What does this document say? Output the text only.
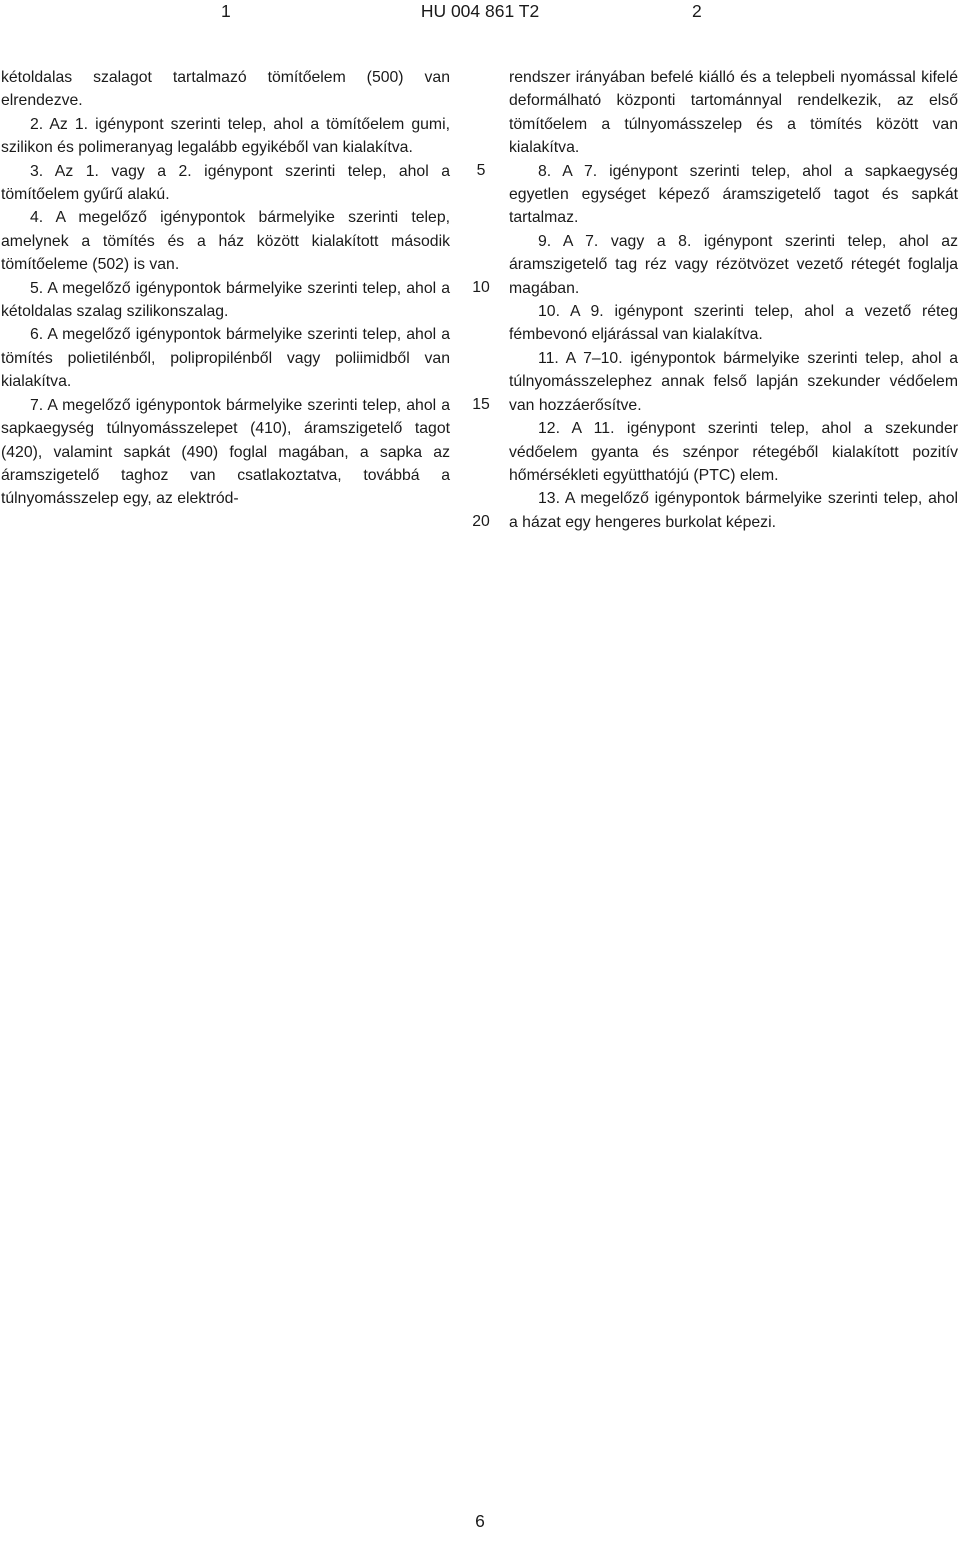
1	HU 004 861 T2	2

kétoldalas szalagot tartalmazó tömítőelem (500) van elrendezve.

2. Az 1. igénypont szerinti telep, ahol a tömítőelem gumi, szilikon és polimeranyag legalább egyikéből van kialakítva.

3. Az 1. vagy a 2. igénypont szerinti telep, ahol a tömítőelem gyűrű alakú.

4. A megelőző igénypontok bármelyike szerinti telep, amelynek a tömítés és a ház között kialakított második tömítőeleme (502) is van.

5. A megelőző igénypontok bármelyike szerinti telep, ahol a kétoldalas szalag szilikonszalag.

6. A megelőző igénypontok bármelyike szerinti telep, ahol a tömítés polietilénből, polipropilénből vagy poliimidből van kialakítva.

7. A megelőző igénypontok bármelyike szerinti telep, ahol a sapkaegység túlnyomásszelepet (410), áramszigetelő tagot (420), valamint sapkát (490) foglal magában, a sapka az áramszigetelő taghoz van csatlakoztatva, továbbá a túlnyomásszelep egy, az elektród-

5
10
15
20

rendszer irányában befelé kiálló és a telepbeli nyomással kifelé deformálható központi tartománnyal rendelkezik, az első tömítőelem a túlnyomásszelep és a tömítés között van kialakítva.

8. A 7. igénypont szerinti telep, ahol a sapkaegység egyetlen egységet képező áramszigetelő tagot és sapkát tartalmaz.

9. A 7. vagy a 8. igénypont szerinti telep, ahol az áramszigetelő tag réz vagy rézötvözet vezető rétegét foglalja magában.

10. A 9. igénypont szerinti telep, ahol a vezető réteg fémbevonó eljárással van kialakítva.

11. A 7–10. igénypontok bármelyike szerinti telep, ahol a túlnyomásszelephez annak felső lapján szekunder védőelem van hozzáerősítve.

12. A 11. igénypont szerinti telep, ahol a szekunder védőelem gyanta és szénpor rétegéből kialakított pozitív hőmérsékleti együtthatójú (PTC) elem.

13. A megelőző igénypontok bármelyike szerinti telep, ahol a házat egy hengeres burkolat képezi.

6
